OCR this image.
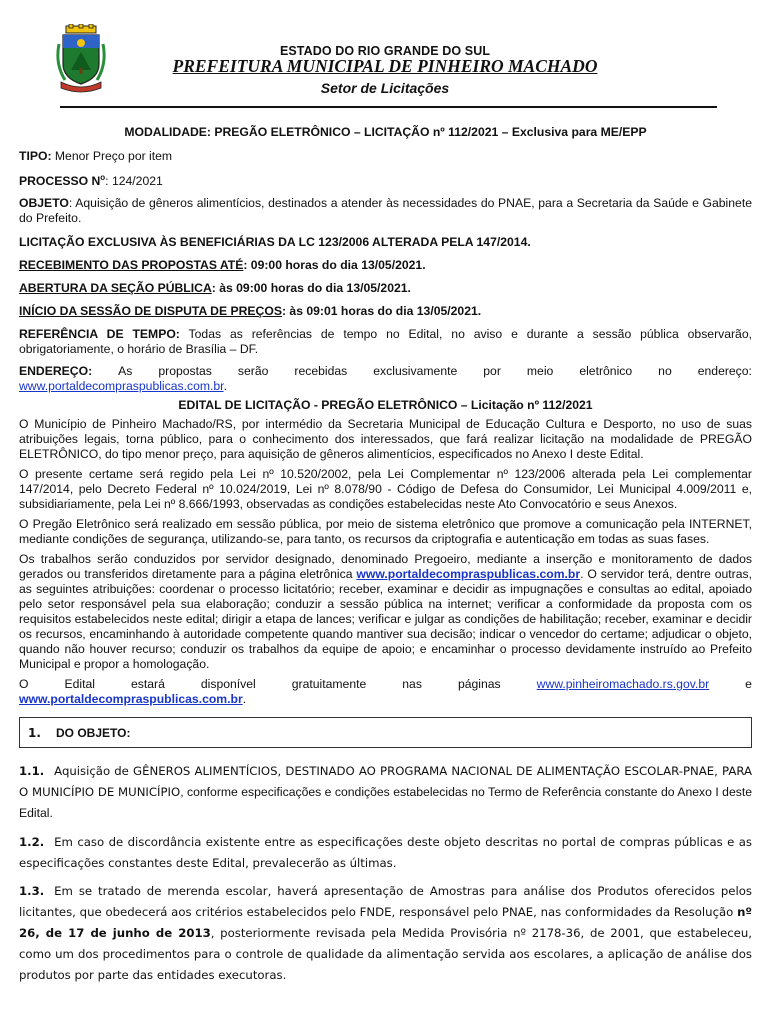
ESTADO DO RIO GRANDE DO SUL
PREFEITURA MUNICIPAL DE PINHEIRO MACHADO
Setor de Licitações

MODALIDADE: PREGÃO ELETRÔNICO – LICITAÇÃO nº 112/2021 – Exclusiva para ME/EPP

TIPO: Menor Preço por item

PROCESSO $N^o$: 124/2021

OBJETO: Aquisição de gêneros alimentícios, destinados a atender às necessidades do PNAE, para a Secretaria da Saúde e Gabinete do Prefeito.

LICITAÇÃO EXCLUSIVA ÀS BENEFICIÁRIAS DA LC 123/2006 ALTERADA PELA 147/2014.

RECEBIMENTO DAS PROPOSTAS ATÉ: 09:00 horas do dia 13/05/2021.

ABERTURA DA SEÇÃO PÚBLICA: às 09:00 horas do dia 13/05/2021.

INÍCIO DA SESSÃO DE DISPUTA DE PREÇOS: às 09:01 horas do dia 13/05/2021.

REFERÊNCIA DE TEMPO: Todas as referências de tempo no Edital, no aviso e durante a sessão pública observarão, obrigatoriamente, o horário de Brasília – DF.

ENDEREÇO: As propostas serão recebidas exclusivamente por meio eletrônico no endereço:
www.portaldecompraspublicas.com.br.

EDITAL DE LICITAÇÃO - PREGÃO ELETRÔNICO – Licitação nº 112/2021

O Município de Pinheiro Machado/RS, por intermédio da Secretaria Municipal de Educação Cultura e Desporto, no uso de suas atribuições legais, torna público, para o conhecimento dos interessados, que fará realizar licitação na modalidade de PREGÃO ELETRÔNICO, do tipo menor preço, para aquisição de gêneros alimentícios, especificados no Anexo I deste Edital.

O presente certame será regido pela Lei nº 10.520/2002, pela Lei Complementar nº 123/2006 alterada pela Lei complementar 147/2014, pelo Decreto Federal nº 10.024/2019, Lei nº 8.078/90 - Código de Defesa do Consumidor, Lei Municipal 4.009/2011 e, subsidiariamente, pela Lei nº 8.666/1993, observadas as condições estabelecidas neste Ato Convocatório e seus Anexos.

O Pregão Eletrônico será realizado em sessão pública, por meio de sistema eletrônico que promove a comunicação pela INTERNET, mediante condições de segurança, utilizando-se, para tanto, os recursos da criptografia e autenticação em todas as suas fases.

Os trabalhos serão conduzidos por servidor designado, denominado Pregoeiro, mediante a inserção e monitoramento de dados gerados ou transferidos diretamente para a página eletrônica www.portaldecompraspublicas.com.br. O servidor terá, dentre outras, as seguintes atribuições: coordenar o processo licitatório; receber, examinar e decidir as impugnações e consultas ao edital, apoiado pelo setor responsável pela sua elaboração; conduzir a sessão pública na internet; verificar a conformidade da proposta com os requisitos estabelecidos neste edital; dirigir a etapa de lances; verificar e julgar as condições de habilitação; receber, examinar e decidir os recursos, encaminhando à autoridade competente quando mantiver sua decisão; indicar o vencedor do certame; adjudicar o objeto, quando não houver recurso; conduzir os trabalhos da equipe de apoio; e encaminhar o processo devidamente instruído ao Prefeito Municipal e propor a homologação.

O	Edital	estará	disponível	gratuitamente	nas	páginas	www.pinheiromachado.rs.gov.br	e
www.portaldecompraspublicas.com.br.
1. DO OBJETO:

1.1. Aquisição de GÊNEROS ALIMENTÍCIOS, DESTINADO AO PROGRAMA NACIONAL DE ALIMENTAÇÃO ESCOLAR-PNAE, PARA O MUNICÍPIO DE MUNICÍPIO, conforme especificações e condições estabelecidas no Termo de Referência constante do Anexo I deste Edital.

1.2. Em caso de discordância existente entre as especificações deste objeto descritas no portal de compras públicas e as especificações constantes deste Edital, prevalecerão as últimas.

1.3. Em se tratado de merenda escolar, haverá apresentação de Amostras para análise dos Produtos oferecidos pelos licitantes, que obedecerá aos critérios estabelecidos pelo FNDE, responsável pelo PNAE, nas conformidades da Resolução nº 26, de 17 de junho de 2013, posteriormente revisada pela Medida Provisória nº 2178-36, de 2001, que estabeleceu, como um dos procedimentos para o controle de qualidade da alimentação servida aos escolares, a aplicação de análise dos produtos por parte das entidades executoras.
